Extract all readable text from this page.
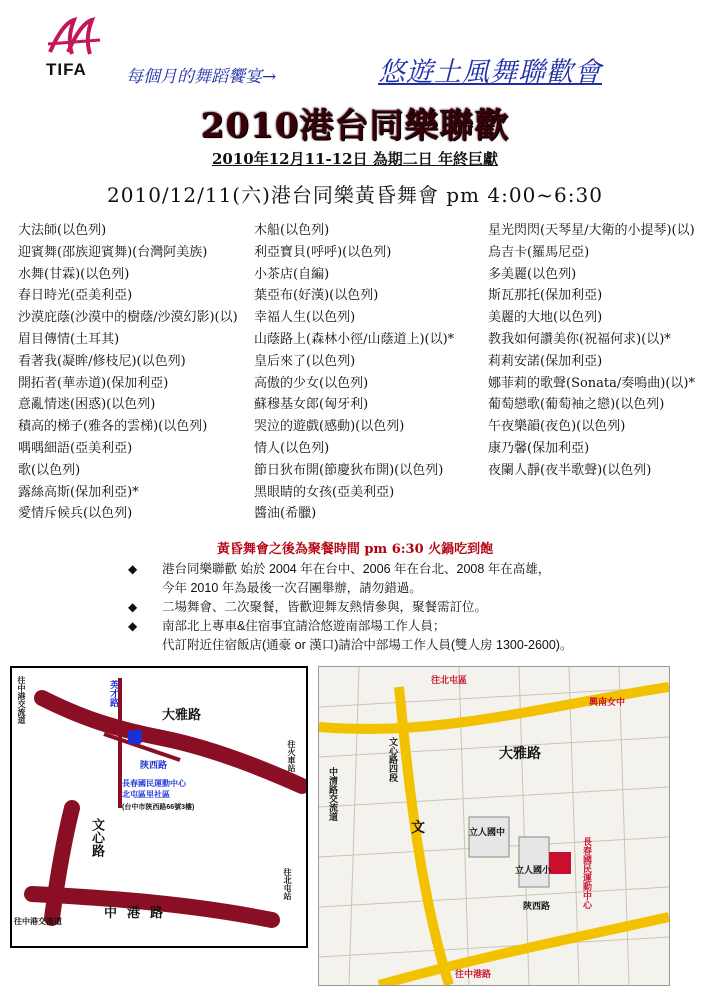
TIFA 每個月的舞蹈饗宴→	悠遊土風舞聯歡會
2010港台同樂聯歡
2010年12月11-12日 為期二日 年終巨獻
2010/12/11(六)港台同樂黃昏舞會 pm 4:00~6:30
大法師(以色列)
迎賓舞(邵族迎賓舞)(台灣阿美族)
水舞(甘霖)(以色列)
春日時光(亞美利亞)
沙漠庇蔭(沙漠中的樹蔭/沙漠幻影)(以)
眉目傳情(土耳其)
看著我(凝眸/修枝尼)(以色列)
開拓者(華赤道)(保加利亞)
意亂情迷(困惑)(以色列)
積高的梯子(雅各的雲梯)(以色列)
喁喁細語(亞美利亞)
歌(以色列)
露絲高斯(保加利亞)*
愛情斥候兵(以色列)
木船(以色列)
利亞寶貝(呼呼)(以色列)
小茶店(自編)
葉亞布(好漢)(以色列)
幸福人生(以色列)
山蔭路上(森林小徑/山蔭道上)(以)*
皇后來了(以色列)
高傲的少女(以色列)
蘇穆基女郎(匈牙利)
哭泣的遊戲(感動)(以色列)
情人(以色列)
節日狄布開(節慶狄布開)(以色列)
黑眼睛的女孩(亞美利亞)
醬油(希臘)
星光閃閃(天琴星/大衛的小提琴)(以)
烏吉卡(羅馬尼亞)
多美麗(以色列)
斯瓦那托(保加利亞)
美麗的大地(以色列)
教我如何讚美你(祝福何求)(以)*
莉莉安諾(保加利亞)
娜菲莉的歌聲(Sonata/奏鳴曲)(以)*
葡萄戀歌(葡萄袖之戀)(以色列)
午夜樂韻(夜色)(以色列)
康乃馨(保加利亞)
夜闌人靜(夜半歌聲)(以色列)
黃昏舞會之後為聚餐時間 pm 6:30 火鍋吃到飽
◆	港台同樂聯歡 始於 2004 年在台中、2006 年在台北、2008 年在高雄，
今年 2010 年為最後一次召團舉辦，請勿錯過。
◆	二場舞會、二次聚餐，皆歡迎舞友熱情參與，聚餐需訂位。
◆	南部北上專車&住宿事宜請洽悠遊南部場工作人員；
代訂附近住宿飯店(通豪 or 漢口)請洽中部場工作人員(雙人房 1300-2600)。
大雅路
文心路
中港路
陝西路
英才路
長春國民運動中心
北屯區里社區
(台中市陝西路66號3樓)
往中港交流道
往火車站
往中港交流道
往北屯站
往北屯區
興南女中
文心路四段	大雅路
文
長春國民運動中心
往中港路
中清路交流道
立人國中
立人國小
陝西路
